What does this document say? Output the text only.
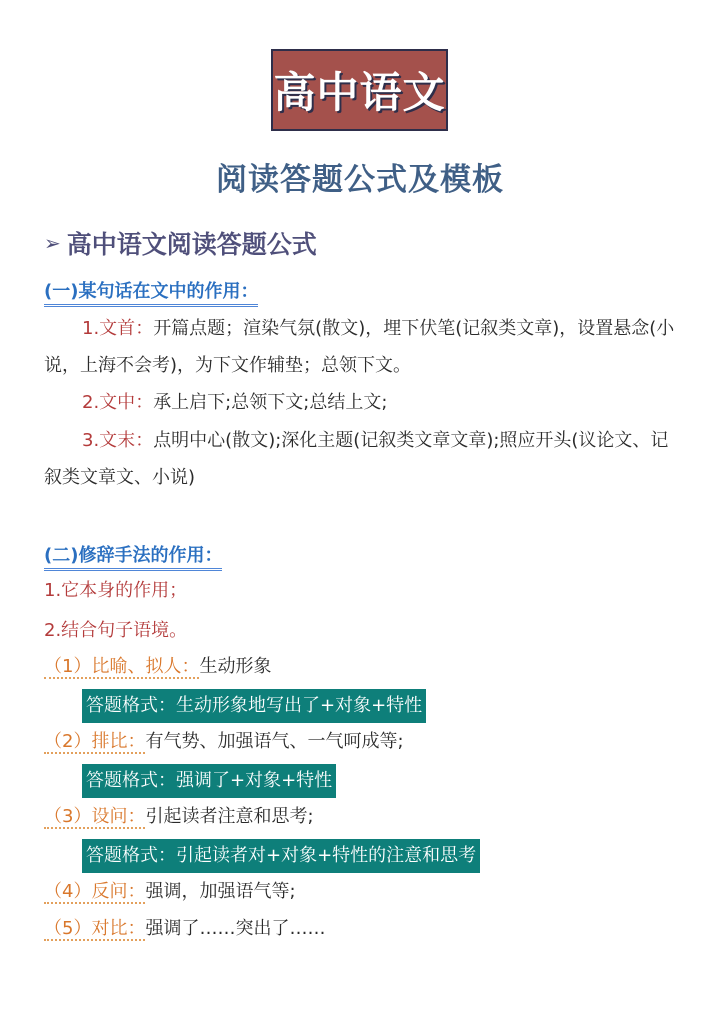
高中语文
阅读答题公式及模板
➢ 高中语文阅读答题公式
(一)某句话在文中的作用：
1.文首：开篇点题；渲染气氛(散文)，埋下伏笔(记叙类文章)，设置悬念(小说，上海不会考)，为下文作辅垫；总领下文。
2.文中：承上启下;总领下文;总结上文;
3.文末：点明中心(散文);深化主题(记叙类文章文章);照应开头(议论文、记叙类文章文、小说)
(二)修辞手法的作用：
1.它本身的作用；
2.结合句子语境。
（1）比喻、拟人：生动形象
答题格式：生动形象地写出了+对象+特性
（2）排比：有气势、加强语气、一气呵成等;
答题格式：强调了+对象+特性
（3）设问：引起读者注意和思考;
答题格式：引起读者对+对象+特性的注意和思考
（4）反问：强调，加强语气等;
（5）对比：强调了……突出了……
